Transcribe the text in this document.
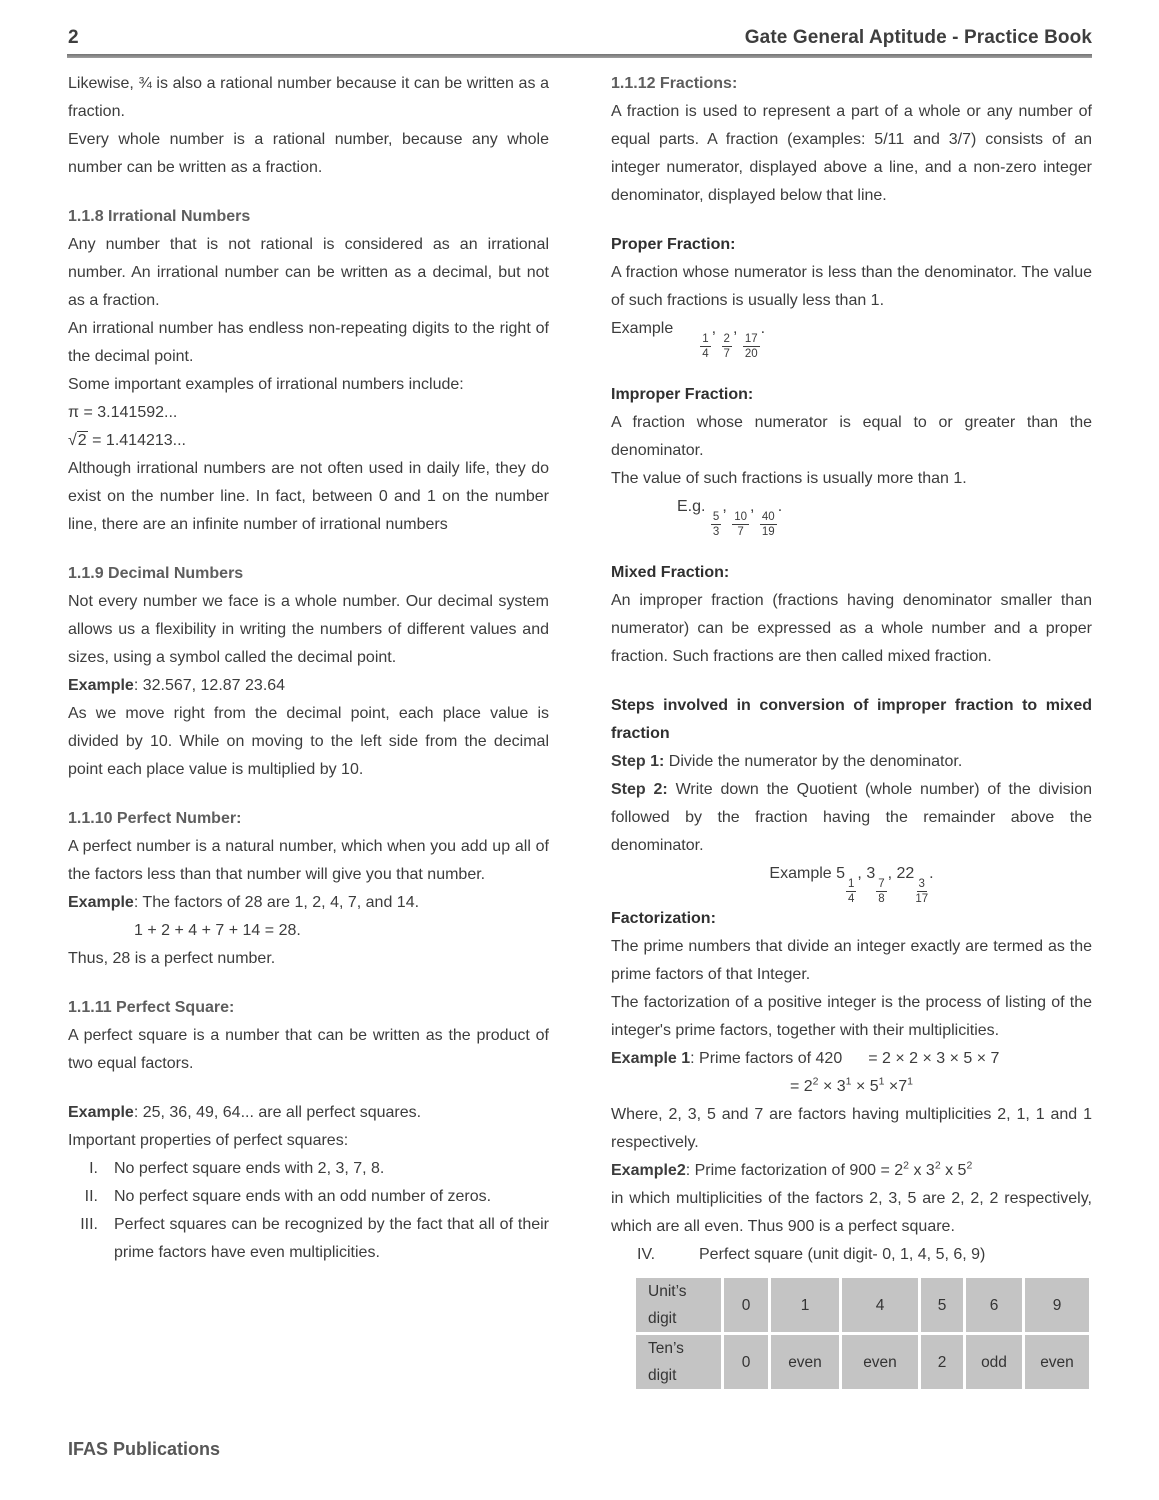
2	Gate General Aptitude - Practice Book

Likewise, ¾ is also a rational number because it can be written as a fraction.

Every whole number is a rational number, because any whole number can be written as a fraction.

1.1.8 Irrational Numbers

Any number that is not rational is considered as an irrational number. An irrational number can be written as a decimal, but not as a fraction.

An irrational number has endless non-repeating digits to the right of the decimal point.

Some important examples of irrational numbers include:

π = 3.141592...

√2 = 1.414213...

Although irrational numbers are not often used in daily life, they do exist on the number line. In fact, between 0 and 1 on the number line, there are an infinite number of irrational numbers

1.1.9 Decimal Numbers

Not every number we face is a whole number. Our decimal system allows us a flexibility in writing the numbers of different values and sizes, using a symbol called the decimal point.

Example: 32.567, 12.87 23.64

As we move right from the decimal point, each place value is divided by 10. While on moving to the left side from the decimal point each place value is multiplied by 10.

1.1.10 Perfect Number:

A perfect number is a natural number, which when you add up all of the factors less than that number will give you that number.

Example: The factors of 28 are 1, 2, 4, 7, and 14.

1 + 2 + 4 + 7 + 14 = 28.

Thus, 28 is a perfect number.

1.1.11 Perfect Square:

A perfect square is a number that can be written as the product of two equal factors.

Example: 25, 36, 49, 64... are all perfect squares.

Important properties of perfect squares:

I. No perfect square ends with 2, 3, 7, 8.
II. No perfect square ends with an odd number of zeros.
III. Perfect squares can be recognized by the fact that all of their prime factors have even multiplicities.
1.1.12 Fractions:

A fraction is used to represent a part of a whole or any number of equal parts. A fraction (examples: 5/11 and 3/7) consists of an integer numerator, displayed above a line, and a non-zero integer denominator, displayed below that line.

Proper Fraction:

A fraction whose numerator is less than the denominator. The value of such fractions is usually less than 1.

Example
$\frac{1}{4}$
,
$\frac{2}{7}$
,
$\frac{17}{20}$
.

Improper Fraction:

A fraction whose numerator is equal to or greater than the denominator.

The value of such fractions is usually more than 1.

E.g.
$\frac{5}{3}$
,
$\frac{10}{7}$
,
$\frac{40}{19}$
.

Mixed Fraction:

An improper fraction (fractions having denominator smaller than numerator) can be expressed as a whole number and a proper fraction. Such fractions are then called mixed fraction.

Steps involved in conversion of improper fraction to mixed fraction

Step 1: Divide the numerator by the denominator.

Step 2: Write down the Quotient (whole number) of the division followed by the fraction having the remainder above the denominator.

Example 5
$\frac{1}{4}$
, 3
$\frac{7}{8}$
, 22
$\frac{3}{17}$
.

Factorization:

The prime numbers that divide an integer exactly are termed as the prime factors of that Integer.

The factorization of a positive integer is the process of listing of the integer's prime factors, together with their multiplicities.

Example 1: Prime factors of 420 = 2 × 2 × 3 × 5 × 7

= $2^2 \times 3^1 \times 5^1 \times 7^1$

Where, 2, 3, 5 and 7 are factors having multiplicities 2, 1, 1 and 1 respectively.

Example2: Prime factorization of $900 = 2^2$ x $3^2$ x $5^2$

in which multiplicities of the factors 2, 3, 5 are 2, 2, 2 respectively, which are all even. Thus 900 is a perfect square.

IV.	Perfect square (unit digit- 0, 1, 4, 5, 6, 9)
Unit’s digit	0	1	4	5	6	9
Ten’s digit	0	even	even	2	odd	even
IFAS Publications
